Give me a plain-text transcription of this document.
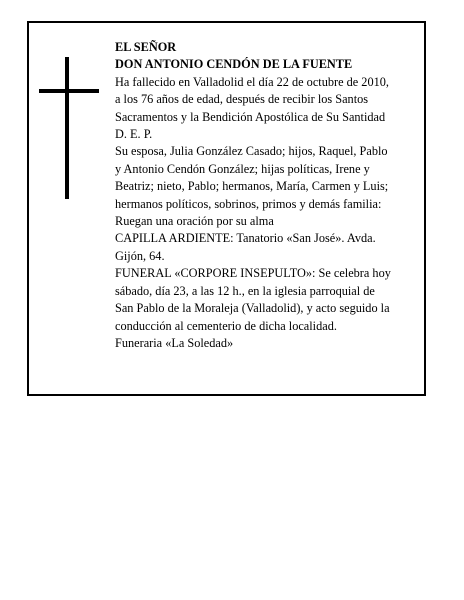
EL SEÑOR
DON ANTONIO CENDÓN DE LA FUENTE
Ha fallecido en Valladolid el día 22 de octubre de 2010,
a los 76 años de edad, después de recibir los Santos
Sacramentos y la Bendición Apostólica de Su Santidad
D. E. P.
Su esposa, Julia González Casado; hijos, Raquel, Pablo
y Antonio Cendón González; hijas políticas, Irene y
Beatriz; nieto, Pablo; hermanos, María, Carmen y Luis;
hermanos políticos, sobrinos, primos y demás familia:
Ruegan una oración por su alma
CAPILLA ARDIENTE: Tanatorio «San José». Avda.
Gijón, 64.
FUNERAL «CORPORE INSEPULTO»: Se celebra hoy
sábado, día 23, a las 12 h., en la iglesia parroquial de
San Pablo de la Moraleja (Valladolid), y acto seguido la
conducción al cementerio de dicha localidad.
Funeraria «La Soledad»
